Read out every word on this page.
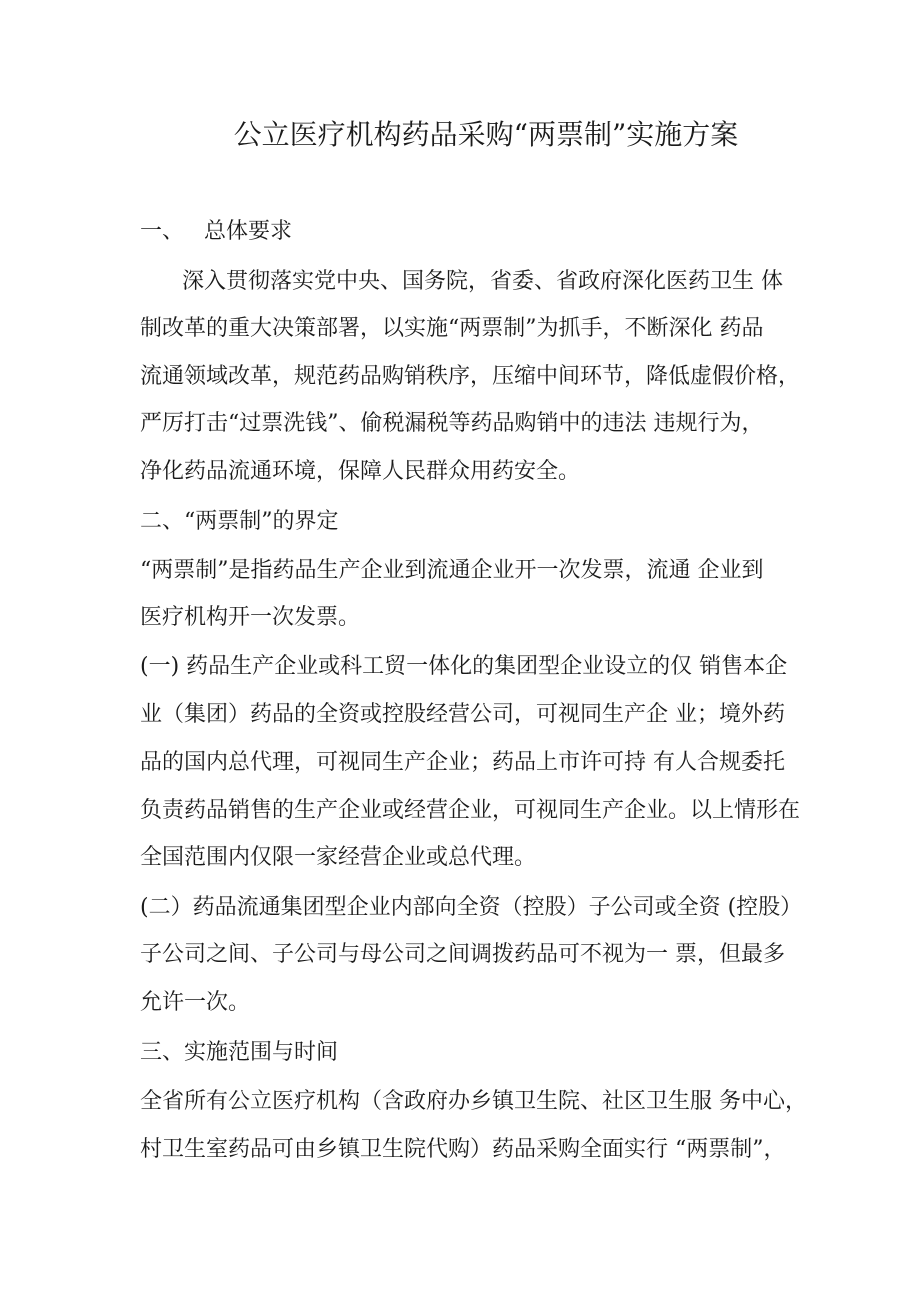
公立医疗机构药品采购“两票制”实施方案
一、 总体要求

深入贯彻落实党中央、国务院，省委、省政府深化医药卫生 体

制改革的重大决策部署，以实施“两票制”为抓手，不断深化 药品

流通领域改革，规范药品购销秩序，压缩中间环节，降低虚假价格，

严厉打击“过票洗钱”、偷税漏税等药品购销中的违法 违规行为，

净化药品流通环境，保障人民群众用药安全。

二、“两票制”的界定

“两票制”是指药品生产企业到流通企业开一次发票，流通 企业到

医疗机构开一次发票。

(一) 药品生产企业或科工贸一体化的集团型企业设立的仅 销售本企

业（集团）药品的全资或控股经营公司，可视同生产企 业；境外药

品的国内总代理，可视同生产企业；药品上市许可持 有人合规委托

负责药品销售的生产企业或经营企业，可视同生产企业。以上情形在

全国范围内仅限一家经营企业或总代理。

(二）药品流通集团型企业内部向全资（控股）子公司或全资 (控股）

子公司之间、子公司与母公司之间调拨药品可不视为一 票，但最多

允许一次。

三、实施范围与时间

全省所有公立医疗机构（含政府办乡镇卫生院、社区卫生服 务中心，

村卫生室药品可由乡镇卫生院代购）药品采购全面实行 “两票制”，
